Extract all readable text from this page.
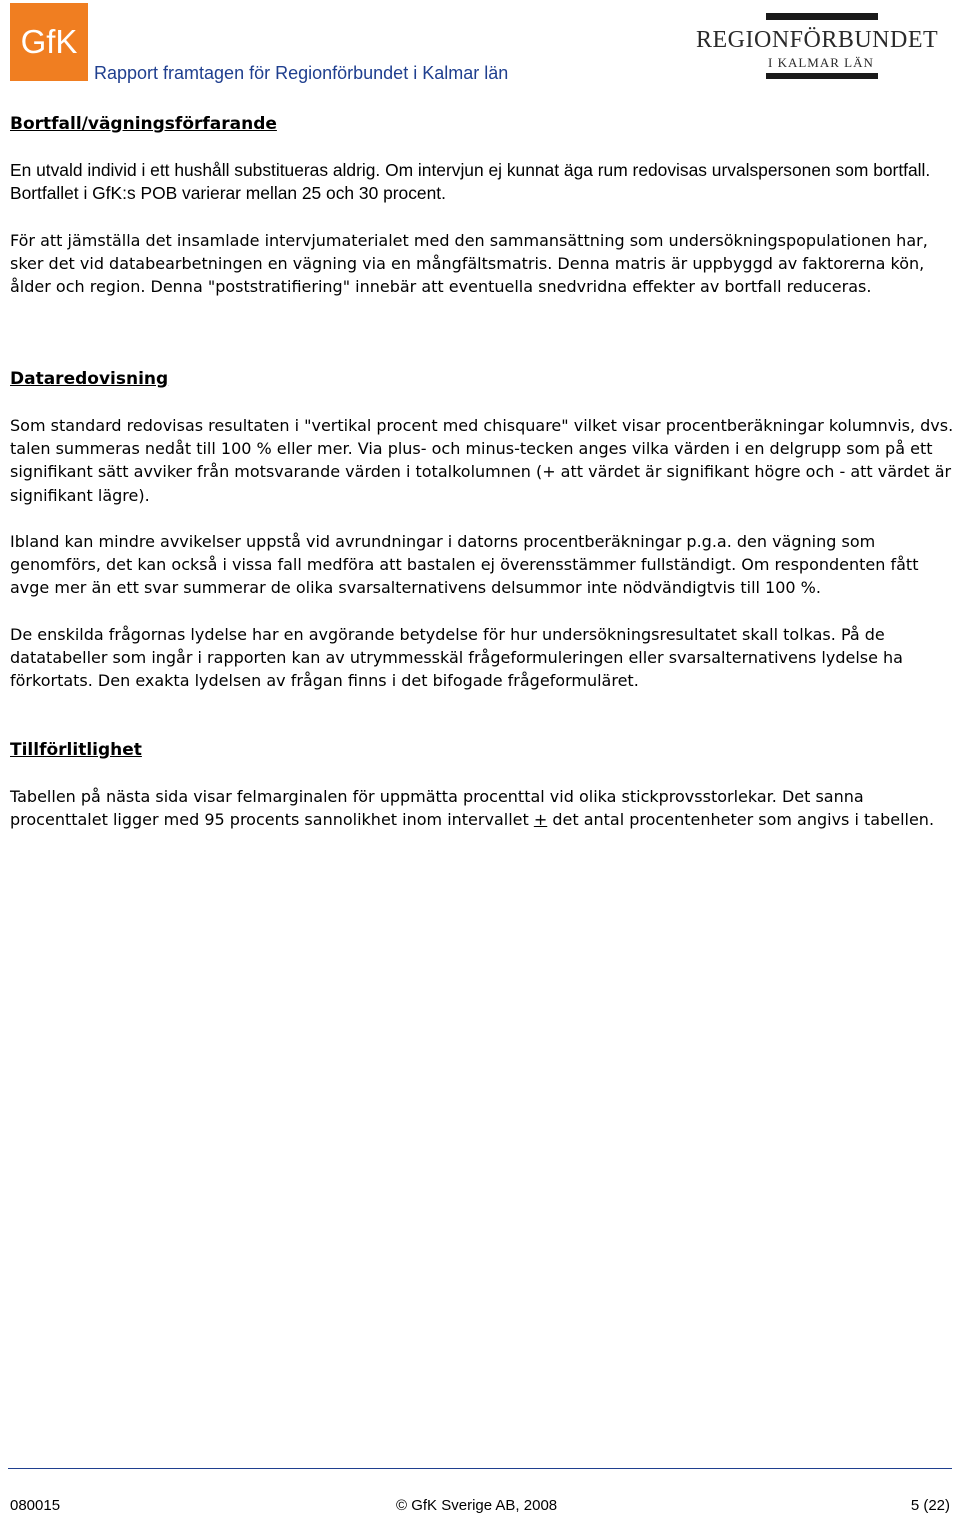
GfK
Rapport framtagen för Regionförbundet i Kalmar län
REGIONFÖRBUNDET
I KALMAR LÄN
Bortfall/vägningsförfarande

En utvald individ i ett hushåll substitueras aldrig. Om intervjun ej kunnat äga rum redovisas urvalspersonen som bortfall. Bortfallet i GfK:s POB varierar mellan 25 och 30 procent.

För att jämställa det insamlade intervjumaterialet med den sammansättning som undersökningspopulationen har, sker det vid databearbetningen en vägning via en mångfältsmatris. Denna matris är uppbyggd av faktorerna kön, ålder och region. Denna "poststratifiering" innebär att eventuella snedvridna effekter av bortfall reduceras.

Dataredovisning

Som standard redovisas resultaten i "vertikal procent med chisquare" vilket visar procentberäkningar kolumnvis, dvs. talen summeras nedåt till 100 % eller mer. Via plus- och minus-tecken anges vilka värden i en delgrupp som på ett signifikant sätt avviker från motsvarande värden i totalkolumnen (+ att värdet är signifikant högre och - att värdet är signifikant lägre).

Ibland kan mindre avvikelser uppstå vid avrundningar i datorns procentberäkningar p.g.a. den vägning som genomförs, det kan också i vissa fall medföra att bastalen ej överensstämmer fullständigt. Om respondenten fått avge mer än ett svar summerar de olika svarsalternativens delsummor inte nödvändigtvis till 100 %.

De enskilda frågornas lydelse har en avgörande betydelse för hur undersökningsresultatet skall tolkas. På de datatabeller som ingår i rapporten kan av utrymmesskäl frågeformuleringen eller svarsalternativens lydelse ha förkortats. Den exakta lydelsen av frågan finns i det bifogade frågeformuläret.

Tillförlitlighet

Tabellen på nästa sida visar felmarginalen för uppmätta procenttal vid olika stickprovsstorlekar. Det sanna procenttalet ligger med 95 procents sannolikhet inom intervallet + det antal procentenheter som angivs i tabellen.

080015	© GfK Sverige AB, 2008	5 (22)
